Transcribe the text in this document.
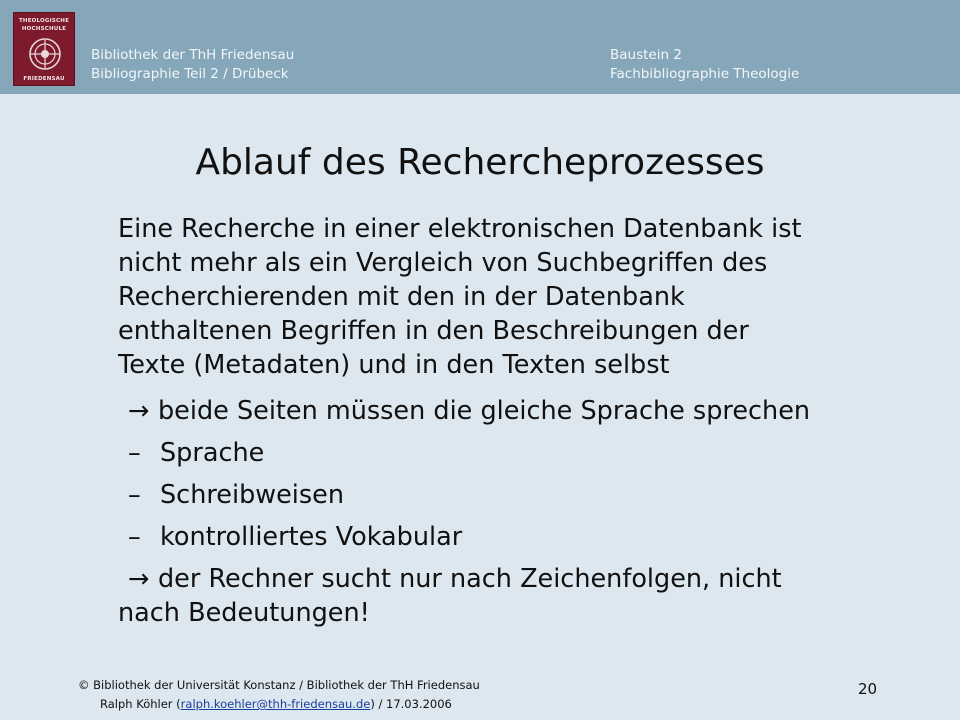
THEOLOGISCHE
HOCHSCHULE
FRIEDENSAU
Bibliothek der ThH Friedensau
Bibliographie Teil 2 / Drübeck
Baustein 2
Fachbibliographie Theologie
Ablauf des Rechercheprozesses
Eine Recherche in einer elektronischen Datenbank ist
nicht mehr als ein Vergleich von Suchbegriffen des
Recherchierenden mit den in der Datenbank
enthaltenen Begriffen in den Beschreibungen der
Texte (Metadaten) und in den Texten selbst
→ beide Seiten müssen die gleiche Sprache sprechen
– Sprache
– Schreibweisen
– kontrolliertes Vokabular
→ der Rechner sucht nur nach Zeichenfolgen, nicht
nach Bedeutungen!
© Bibliothek der Universität Konstanz / Bibliothek der ThH Friedensau
Ralph Köhler (ralph.koehler@thh-friedensau.de) / 17.03.2006
20
